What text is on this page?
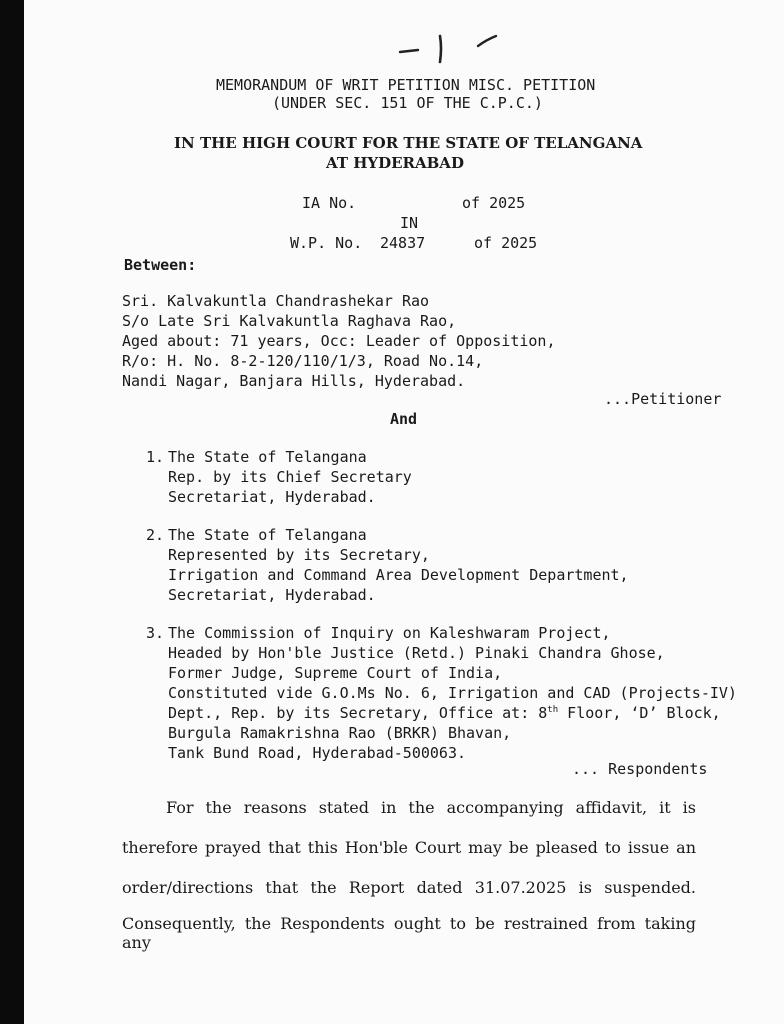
MEMORANDUM OF WRIT PETITION MISC. PETITION
(UNDER SEC. 151 OF THE C.P.C.)
IN THE HIGH COURT FOR THE STATE OF TELANGANA
AT HYDERABAD
IA No.	of 2025
IN
W.P. No. 24837	of 2025
Between:
Sri. Kalvakuntla Chandrashekar Rao
S/o Late Sri Kalvakuntla Raghava Rao,
Aged about: 71 years, Occ: Leader of Opposition,
R/o: H. No. 8-2-120/110/1/3, Road No.14,
Nandi Nagar, Banjara Hills, Hyderabad.
...Petitioner
And
1. The State of Telangana
Rep. by its Chief Secretary
Secretariat, Hyderabad.
2. The State of Telangana
Represented by its Secretary,
Irrigation and Command Area Development Department,
Secretariat, Hyderabad.
3. The Commission of Inquiry on Kaleshwaram Project,
Headed by Hon'ble Justice (Retd.) Pinaki Chandra Ghose,
Former Judge, Supreme Court of India,
Constituted vide G.O.Ms No. 6, Irrigation and CAD (Projects-IV)
Dept., Rep. by its Secretary, Office at: 8th Floor, ‘D’ Block,
Burgula Ramakrishna Rao (BRKR) Bhavan,
Tank Bund Road, Hyderabad-500063.
... Respondents
For the reasons stated in the accompanying affidavit, it is
therefore prayed that this Hon'ble Court may be pleased to issue an
order/directions that the Report dated 31.07.2025 is suspended.
Consequently, the Respondents ought to be restrained from taking any
